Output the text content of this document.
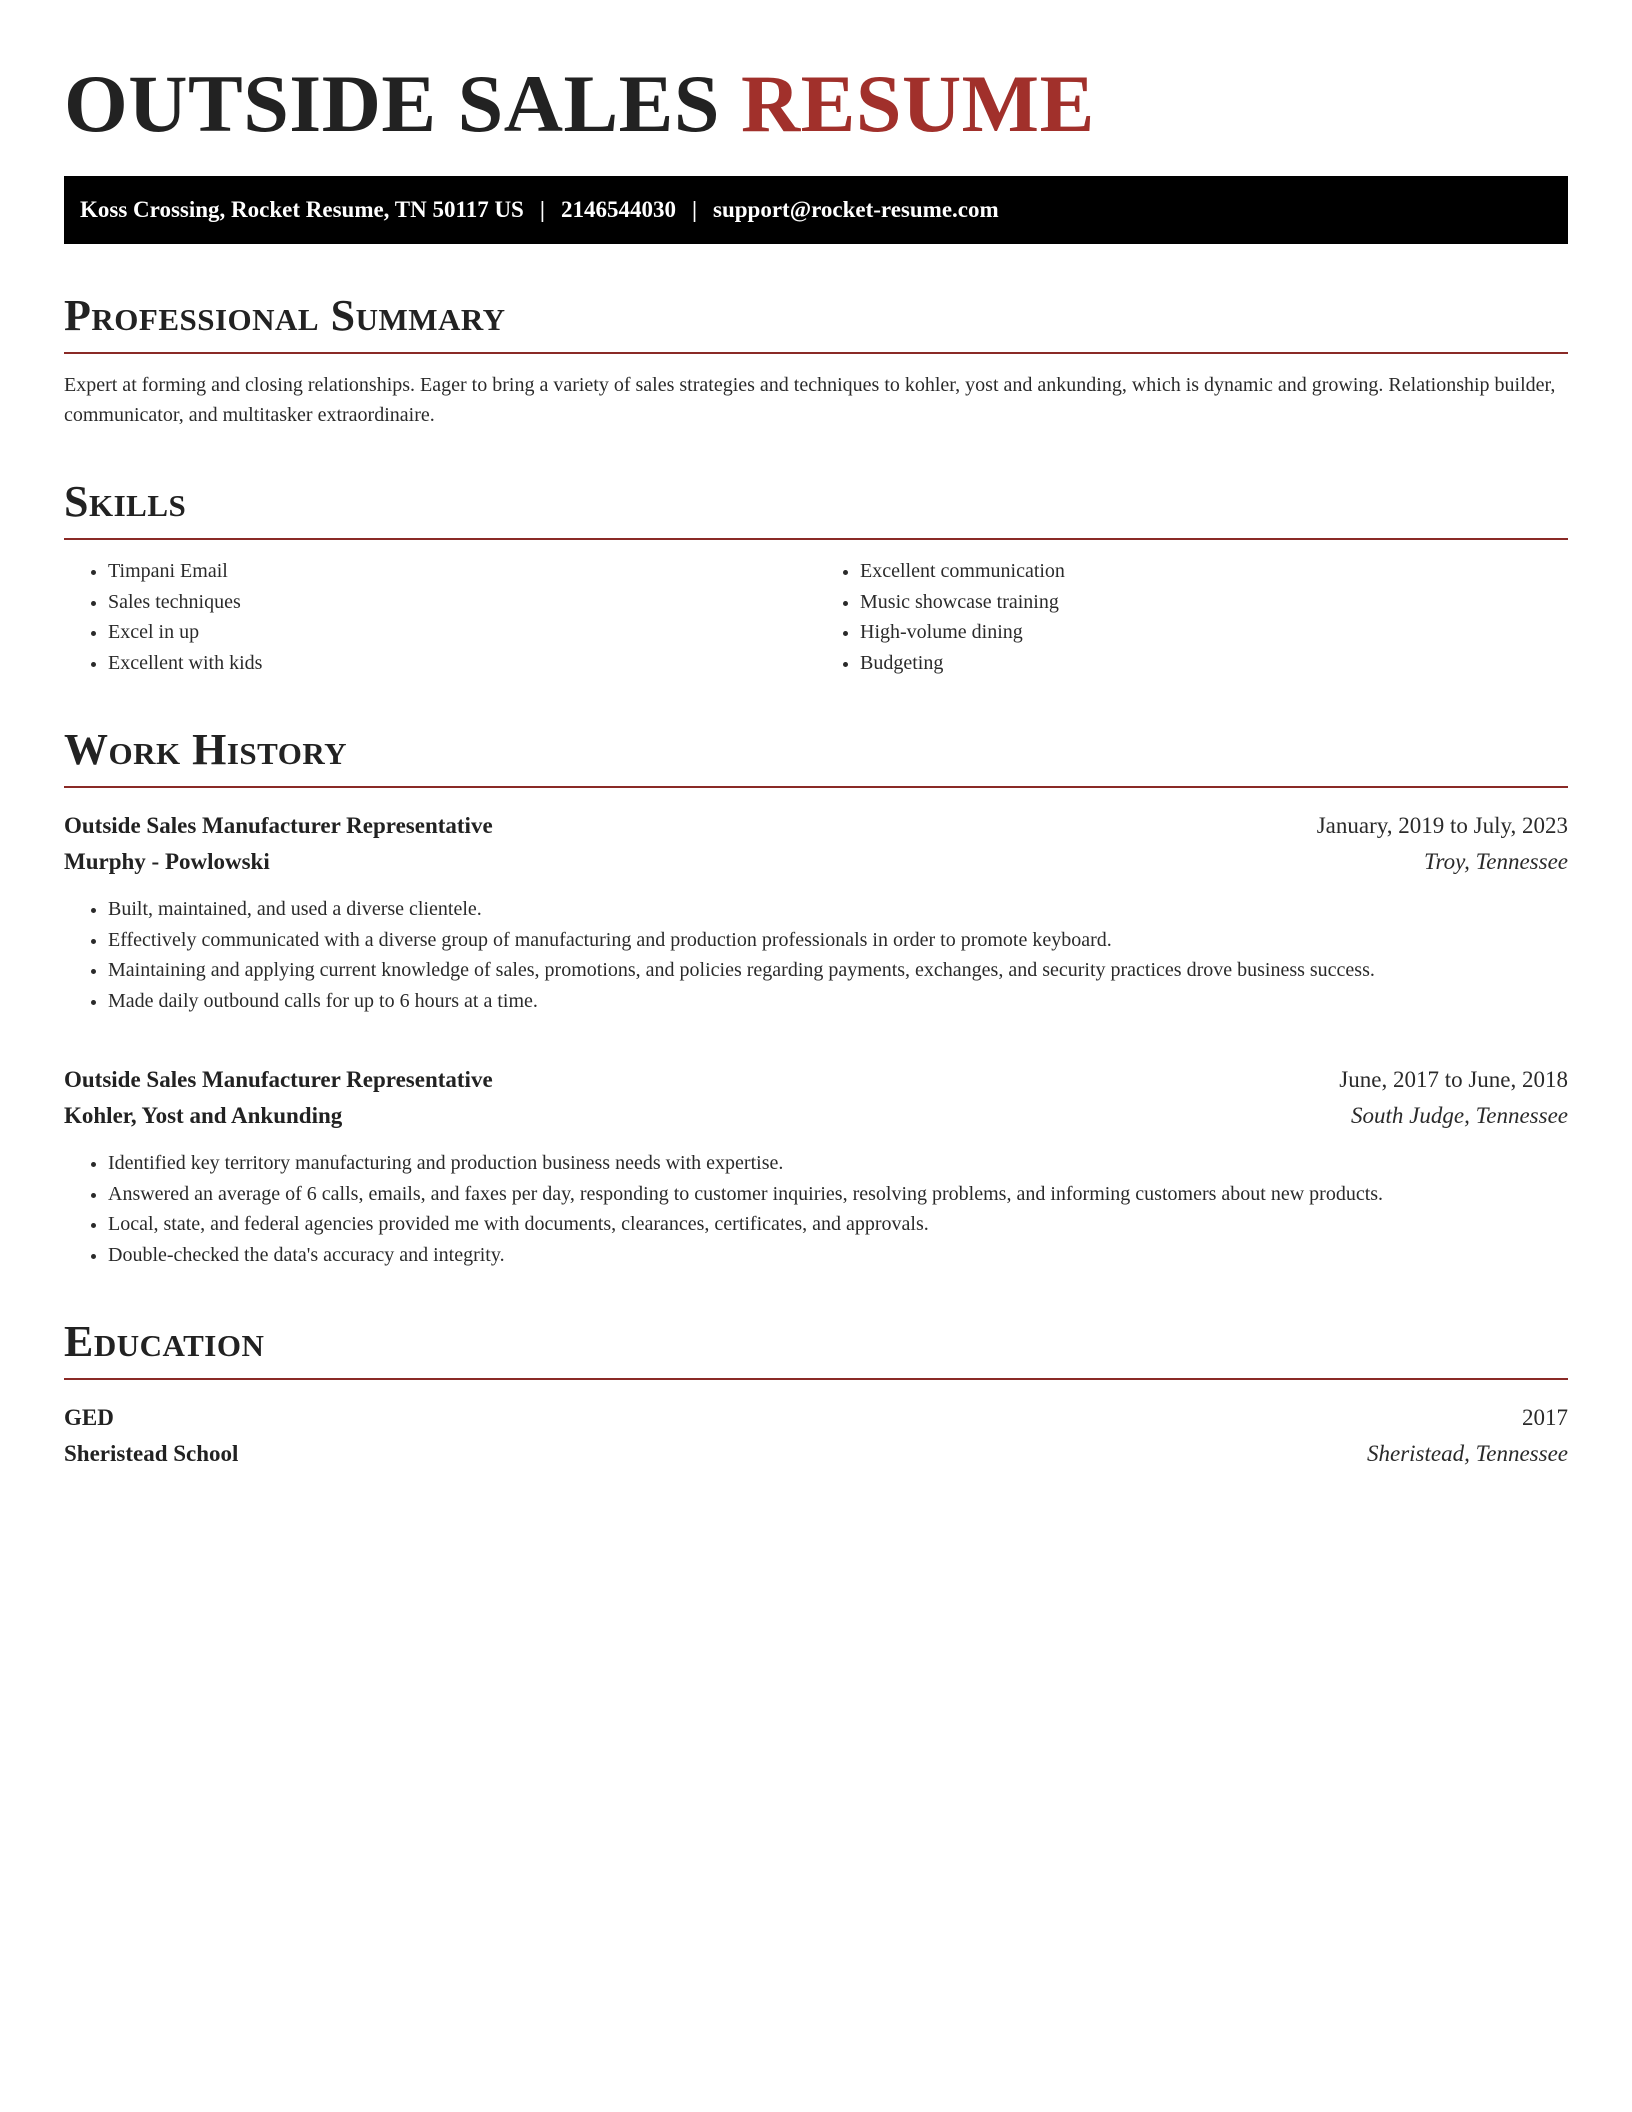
OUTSIDE SALES RESUME
Koss Crossing, Rocket Resume, TN 50117 US | 2146544030 | support@rocket-resume.com
Professional Summary

Expert at forming and closing relationships. Eager to bring a variety of sales strategies and techniques to kohler, yost and ankunding, which is dynamic and growing. Relationship builder, communicator, and multitasker extraordinaire.

Skills
• Timpani Email
• Sales techniques
• Excel in up
• Excellent with kids
• Excellent communication
• Music showcase training
• High-volume dining
• Budgeting
Work History
Outside Sales Manufacturer Representative	January, 2019 to July, 2023
Murphy - Powlowski	Troy, Tennessee
• Built, maintained, and used a diverse clientele.
• Effectively communicated with a diverse group of manufacturing and production professionals in order to promote keyboard.
• Maintaining and applying current knowledge of sales, promotions, and policies regarding payments, exchanges, and security practices drove business success.
• Made daily outbound calls for up to 6 hours at a time.
Outside Sales Manufacturer Representative	June, 2017 to June, 2018
Kohler, Yost and Ankunding	South Judge, Tennessee
• Identified key territory manufacturing and production business needs with expertise.
• Answered an average of 6 calls, emails, and faxes per day, responding to customer inquiries, resolving problems, and informing customers about new products.
• Local, state, and federal agencies provided me with documents, clearances, certificates, and approvals.
• Double-checked the data's accuracy and integrity.
Education
GED	2017
Sheristead School	Sheristead, Tennessee
